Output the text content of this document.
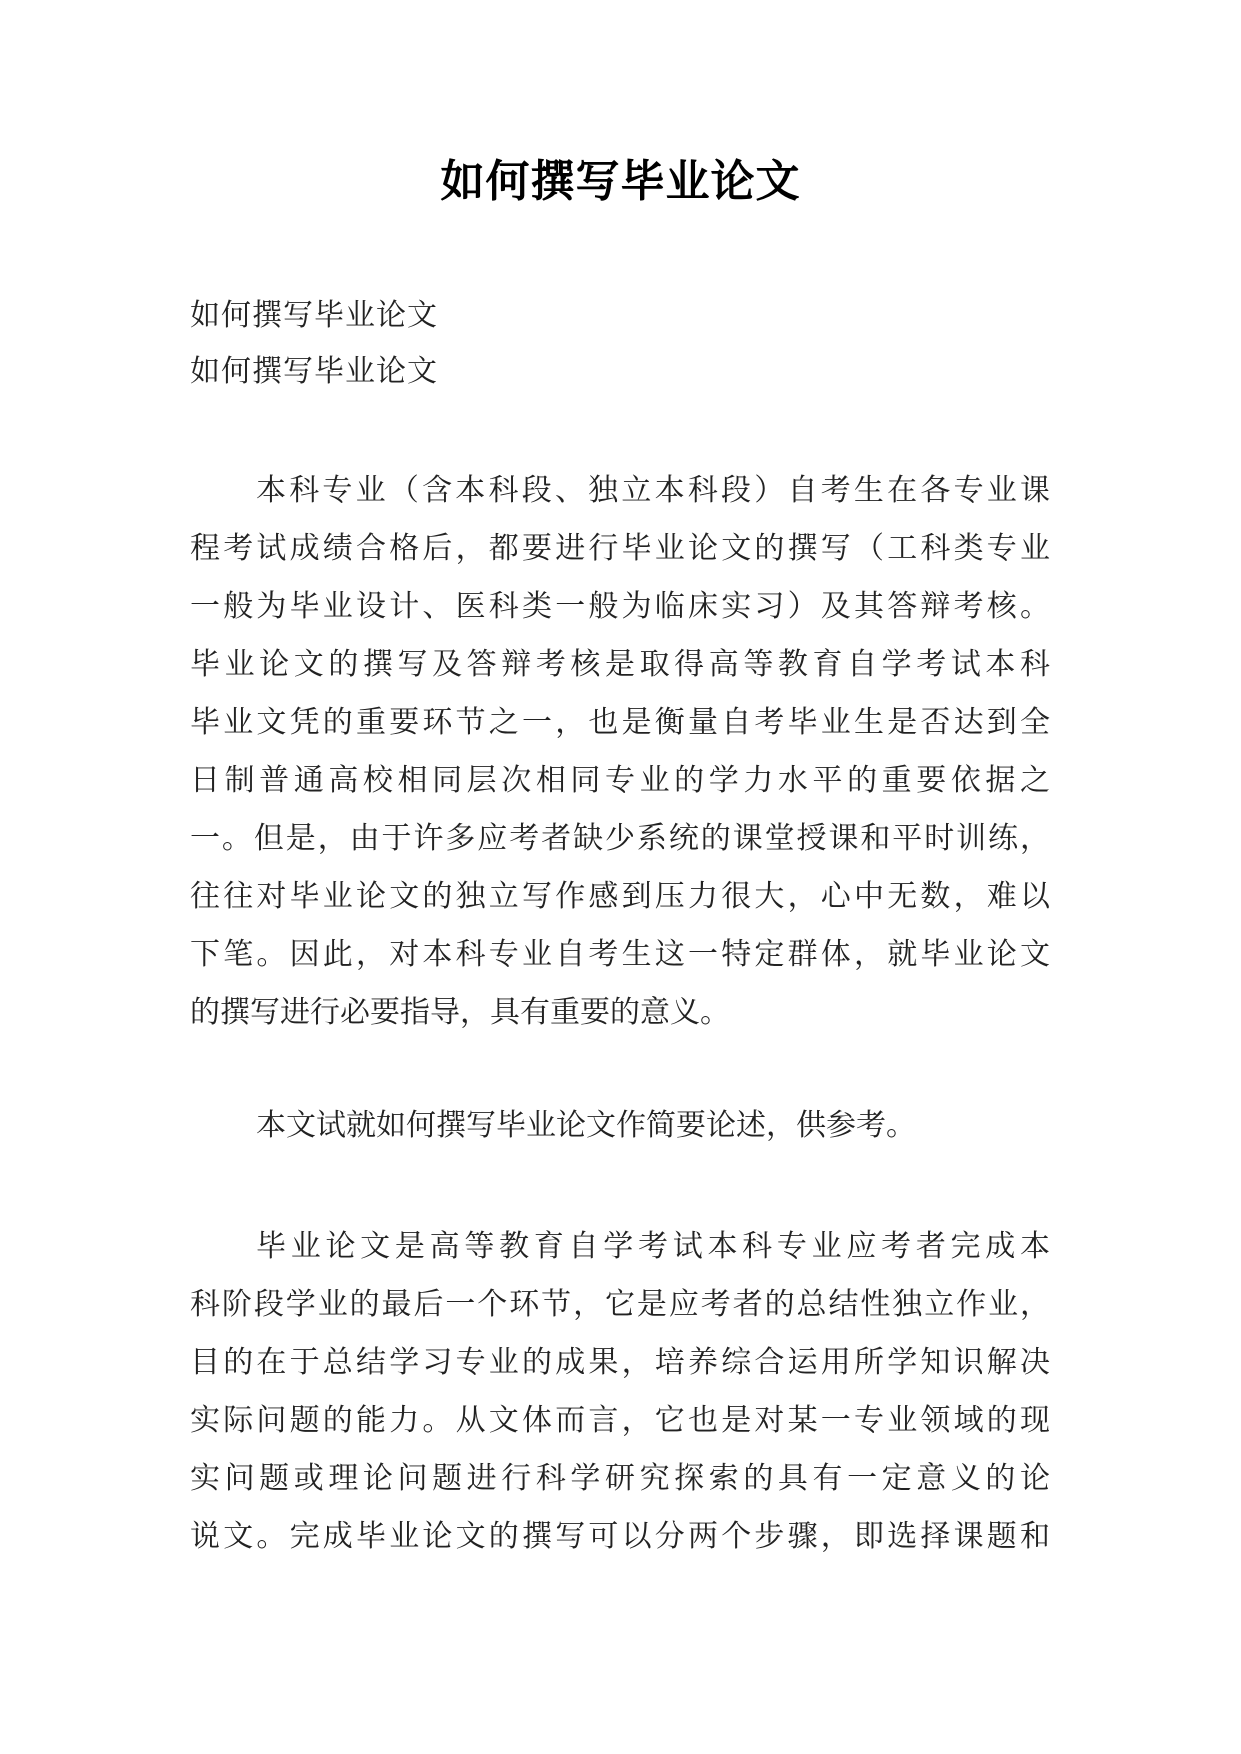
如何撰写毕业论文
如何撰写毕业论文
如何撰写毕业论文
本科专业（含本科段、独立本科段）自考生在各专业课
程考试成绩合格后，都要进行毕业论文的撰写（工科类专业
一般为毕业设计、医科类一般为临床实习）及其答辩考核。
毕业论文的撰写及答辩考核是取得高等教育自学考试本科
毕业文凭的重要环节之一，也是衡量自考毕业生是否达到全
日制普通高校相同层次相同专业的学力水平的重要依据之
一。但是，由于许多应考者缺少系统的课堂授课和平时训练，
往往对毕业论文的独立写作感到压力很大，心中无数，难以
下笔。因此，对本科专业自考生这一特定群体，就毕业论文
的撰写进行必要指导，具有重要的意义。
本文试就如何撰写毕业论文作简要论述，供参考。
毕业论文是高等教育自学考试本科专业应考者完成本
科阶段学业的最后一个环节，它是应考者的总结性独立作业，
目的在于总结学习专业的成果，培养综合运用所学知识解决
实际问题的能力。从文体而言，它也是对某一专业领域的现
实问题或理论问题进行科学研究探索的具有一定意义的论
说文。完成毕业论文的撰写可以分两个步骤，即选择课题和
